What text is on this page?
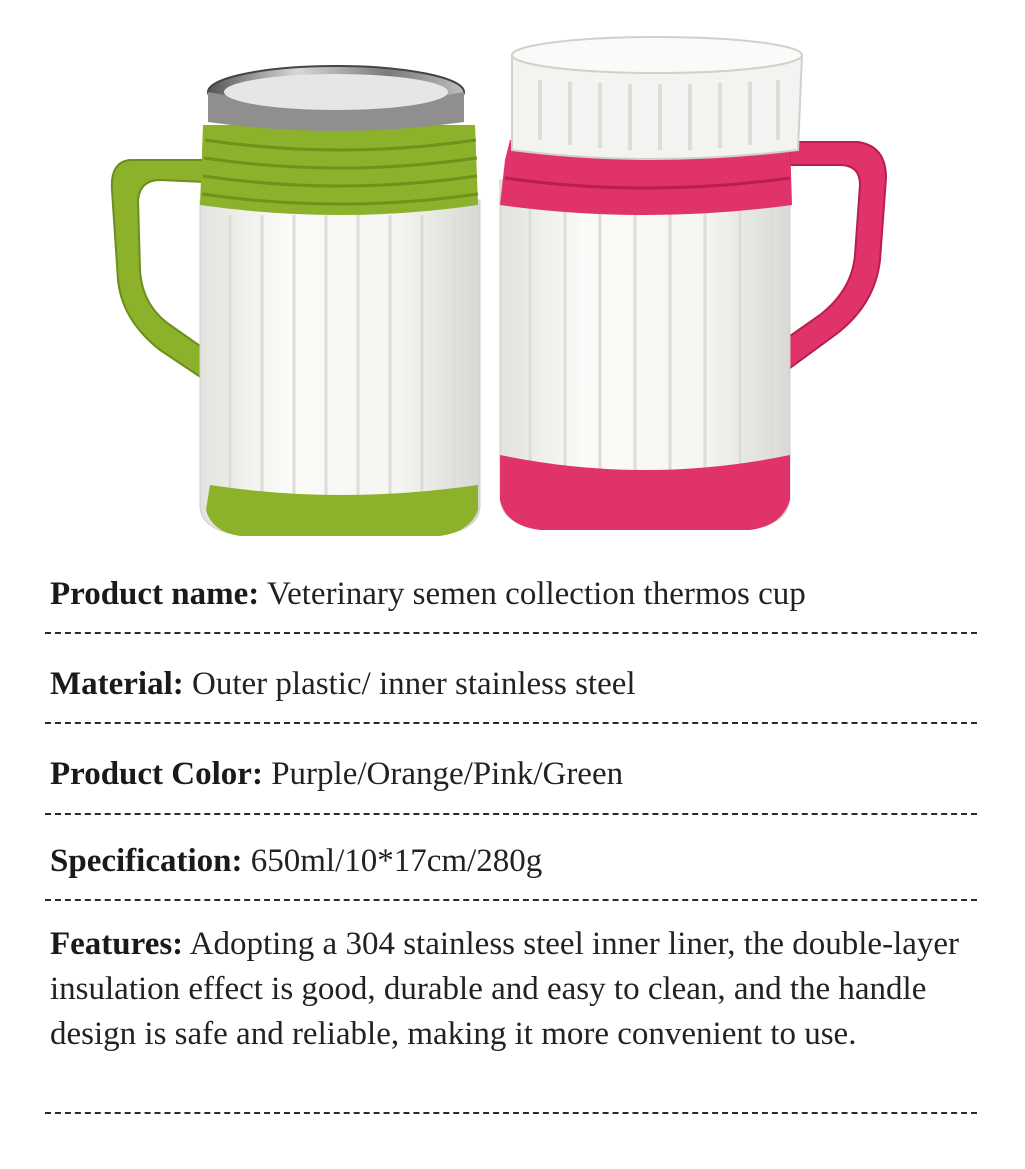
Product name: Veterinary semen collection thermos cup
Material: Outer plastic/ inner stainless steel
Product Color: Purple/Orange/Pink/Green
Specification: 650ml/10*17cm/280g
Features: Adopting a 304 stainless steel inner liner, the double-layer insulation effect is good, durable and easy to clean, and the handle design is safe and reliable, making it more convenient to use.
